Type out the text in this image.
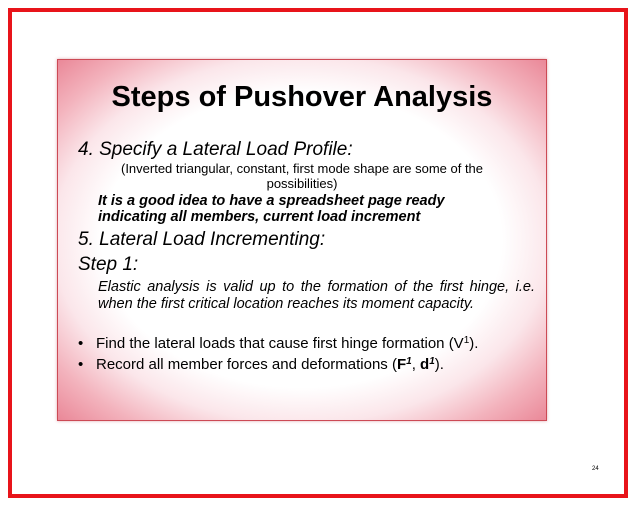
Steps of Pushover Analysis

4. Specify a Lateral Load Profile:

(Inverted triangular, constant, first mode shape are some of the

possibilities)

It is a good idea to have a spreadsheet page ready

indicating all members, current load increment

5. Lateral Load Incrementing:

Step 1:

Elastic analysis is valid up to the formation of the first hinge, i.e. when the first critical location reaches its moment capacity.

• Find the lateral loads that cause first hinge formation $(V^1)$.
• Record all member forces and deformations ($F^1$, $d^1$).
24
